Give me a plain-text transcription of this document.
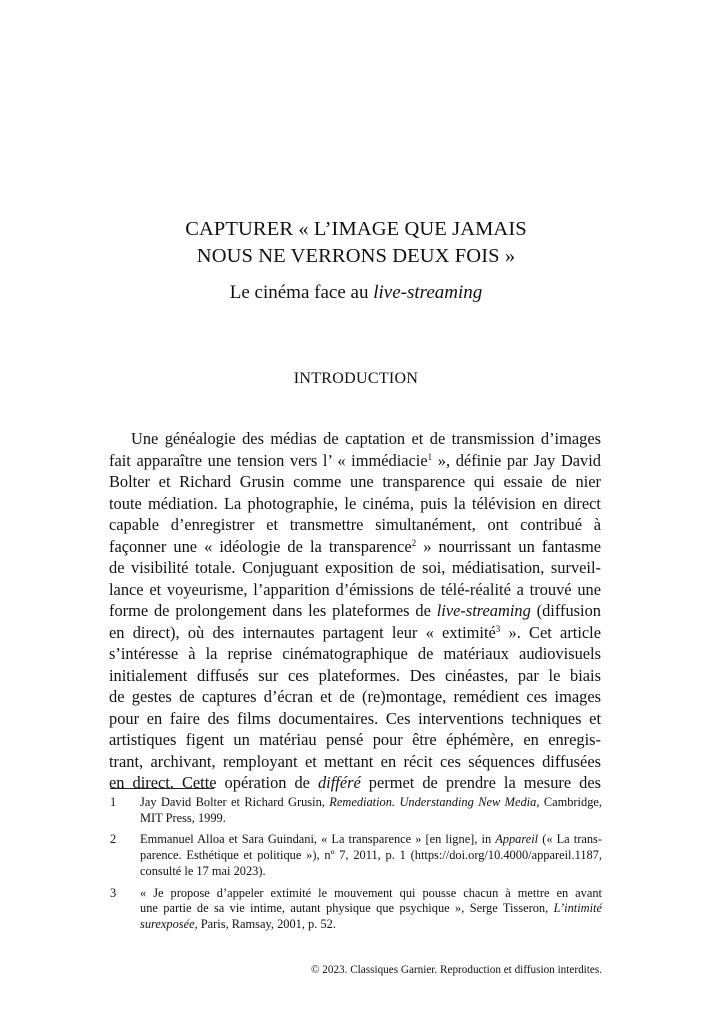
CAPTURER « L’IMAGE QUE JAMAIS
NOUS NE VERRONS DEUX FOIS »
Le cinéma face au live-streaming
INTRODUCTION
Une généalogie des médias de captation et de transmission d’images
fait apparaître une tension vers l’ « immédiacie$^1$ », définie par Jay David
Bolter et Richard Grusin comme une transparence qui essaie de nier
toute médiation. La photographie, le cinéma, puis la télévision en direct
capable d’enregistrer et transmettre simultanément, ont contribué à
façonner une « idéologie de la transparence$^2$ » nourrissant un fantasme
de visibilité totale. Conjuguant exposition de soi, médiatisation, surveil-
lance et voyeurisme, l’apparition d’émissions de télé-réalité a trouvé une
forme de prolongement dans les plateformes de live-streaming (diffusion
en direct), où des internautes partagent leur « extimité$^3$ ». Cet article
s’intéresse à la reprise cinématographique de matériaux audiovisuels
initialement diffusés sur ces plateformes. Des cinéastes, par le biais
de gestes de captures d’écran et de (re)montage, remédient ces images
pour en faire des films documentaires. Ces interventions techniques et
artistiques figent un matériau pensé pour être éphémère, en enregis-
trant, archivant, remployant et mettant en récit ces séquences diffusées
en direct. Cette opération de différé permet de prendre la mesure des
1 Jay David Bolter et Richard Grusin, Remediation. Understanding New Media, Cambridge,
MIT Press, 1999.
2 Emmanuel Alloa et Sara Guindani, « La transparence » [en ligne], in Appareil (« La trans-
parence. Esthétique et politique »), nº 7, 2011, p. 1 (https://doi.org/10.4000/appareil.1187,
consulté le 17 mai 2023).
3 « Je propose d’appeler extimité le mouvement qui pousse chacun à mettre en avant
une partie de sa vie intime, autant physique que psychique », Serge Tisseron, L’intimité
surexposée, Paris, Ramsay, 2001, p. 52.
© 2023. Classiques Garnier. Reproduction et diffusion interdites.
